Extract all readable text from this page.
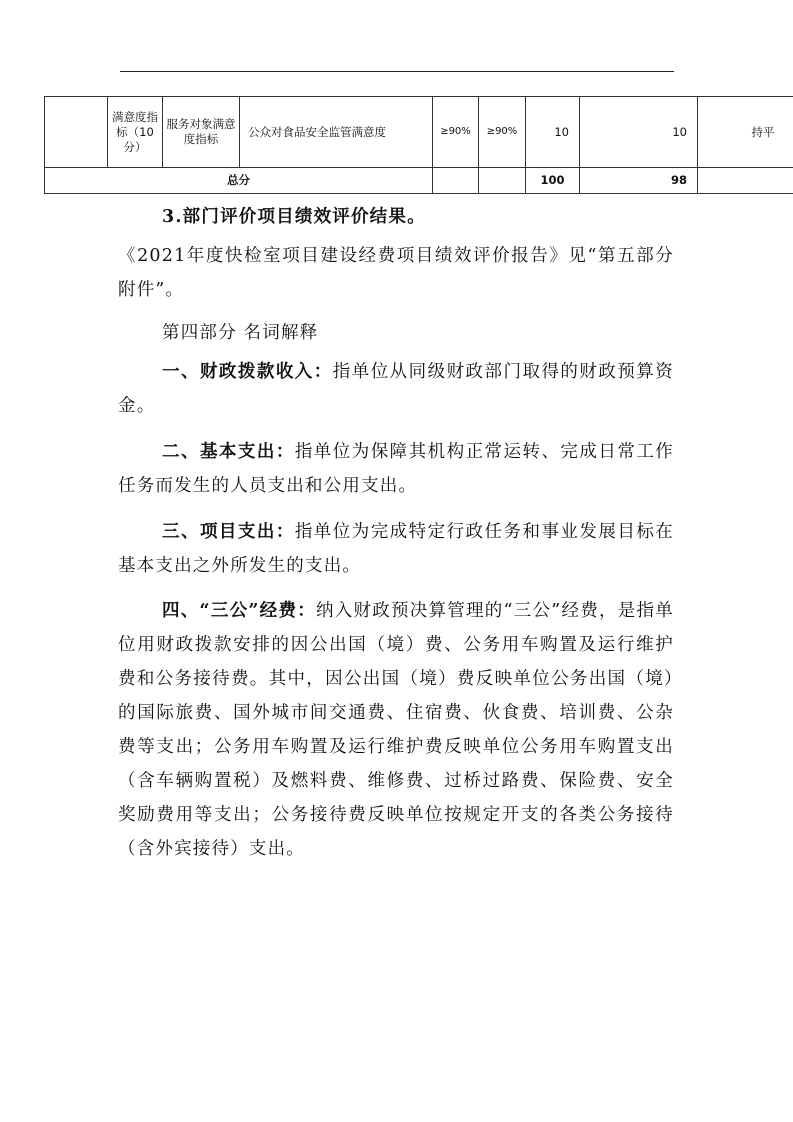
	满意度指标（10分）	服务对象满意度指标	公众对食品安全监管满意度	≥90%	≥90%	10	10	持平
总分						100	98	

3.部门评价项目绩效评价结果。

《2021年度快检室项目建设经费项目绩效评价报告》见“第五部分附件”。

第四部分 名词解释

一、财政拨款收入：指单位从同级财政部门取得的财政预算资金。

二、基本支出：指单位为保障其机构正常运转、完成日常工作任务而发生的人员支出和公用支出。

三、项目支出：指单位为完成特定行政任务和事业发展目标在基本支出之外所发生的支出。

四、“三公”经费：纳入财政预决算管理的“三公”经费，是指单位用财政拨款安排的因公出国（境）费、公务用车购置及运行维护费和公务接待费。其中，因公出国（境）费反映单位公务出国（境）的国际旅费、国外城市间交通费、住宿费、伙食费、培训费、公杂费等支出；公务用车购置及运行维护费反映单位公务用车购置支出（含车辆购置税）及燃料费、维修费、过桥过路费、保险费、安全奖励费用等支出；公务接待费反映单位按规定开支的各类公务接待（含外宾接待）支出。
